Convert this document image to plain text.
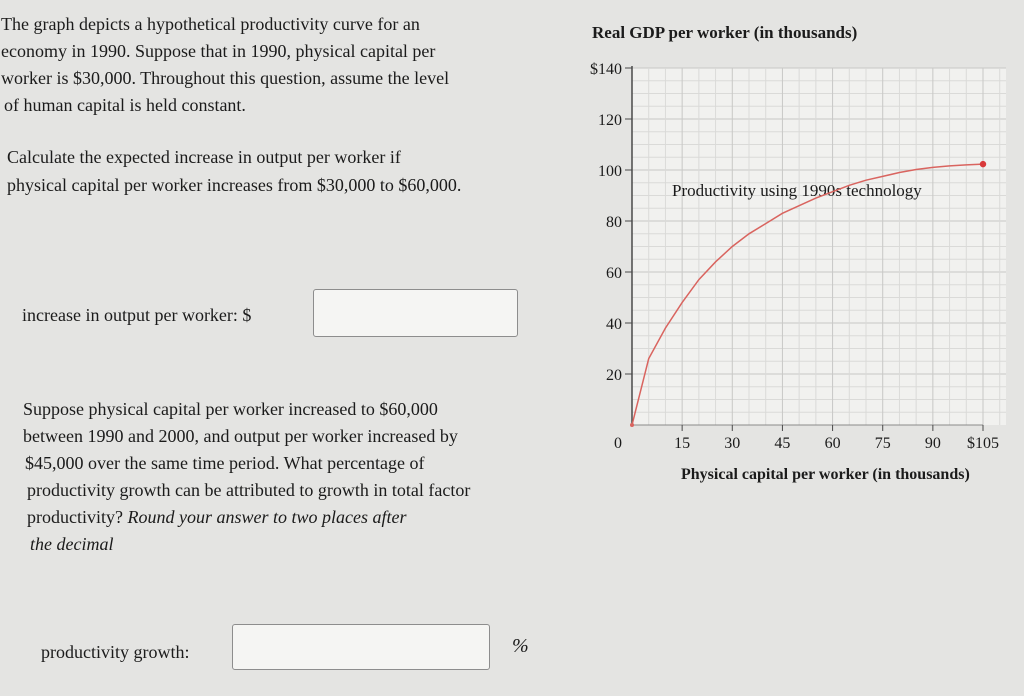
The graph depicts a hypothetical productivity curve for an
economy in 1990. Suppose that in 1990, physical capital per
worker is $30,000. Throughout this question, assume the level
of human capital is held constant.
Calculate the expected increase in output per worker if
physical capital per worker increases from $30,000 to $60,000.
increase in output per worker: $
Suppose physical capital per worker increased to $60,000
between 1990 and 2000, and output per worker increased by
$45,000 over the same time period. What percentage of
productivity growth can be attributed to growth in total factor
productivity? Round your answer to two places after
the decimal
productivity growth:	%
20
40
60
80
100
120
$140
15 30 45 60 75 90 $105
Real GDP per worker (in thousands)
Physical capital per worker (in thousands)
0
Productivity using 1990s technology
